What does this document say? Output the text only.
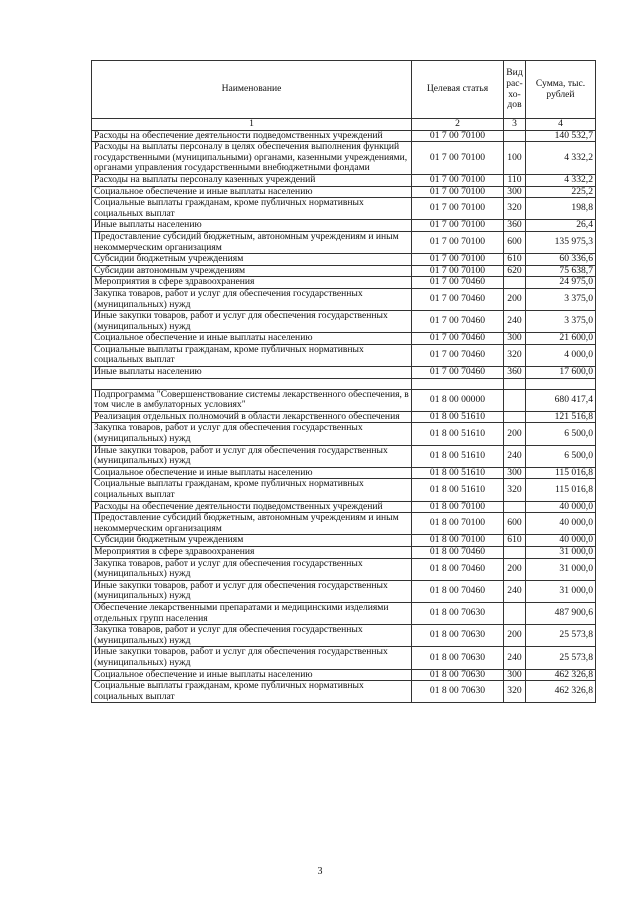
Наименование	Целевая статья	Вид рас- хо- дов	Сумма, тыс. рублей
1	2	3	4
Расходы на обеспечение деятельности подведомственных учреждений	01 7 00 70100		140 532,7
Расходы на выплаты персоналу в целях обеспечения выполнения функций государственными (муниципальными) органами, казенными учреждениями, органами управления государственными внебюджетными фондами	01 7 00 70100	100	4 332,2
Расходы на выплаты персоналу казенных учреждений	01 7 00 70100	110	4 332,2
Социальное обеспечение и иные выплаты населению	01 7 00 70100	300	225,2
Социальные выплаты гражданам, кроме публичных нормативных социальных выплат	01 7 00 70100	320	198,8
Иные выплаты населению	01 7 00 70100	360	26,4
Предоставление субсидий бюджетным, автономным учреждениям и иным некоммерческим организациям	01 7 00 70100	600	135 975,3
Субсидии бюджетным учреждениям	01 7 00 70100	610	60 336,6
Субсидии автономным учреждениям	01 7 00 70100	620	75 638,7
Мероприятия в сфере здравоохранения	01 7 00 70460		24 975,0
Закупка товаров, работ и услуг для обеспечения государственных (муниципальных) нужд	01 7 00 70460	200	3 375,0
Иные закупки товаров, работ и услуг для обеспечения государственных (муниципальных) нужд	01 7 00 70460	240	3 375,0
Социальное обеспечение и иные выплаты населению	01 7 00 70460	300	21 600,0
Социальные выплаты гражданам, кроме публичных нормативных социальных выплат	01 7 00 70460	320	4 000,0
Иные выплаты населению	01 7 00 70460	360	17 600,0

Подпрограмма "Совершенствование системы лекарственного обеспечения, в том числе в амбулаторных условиях"	01 8 00 00000		680 417,4
Реализация отдельных полномочий в области лекарственного обеспечения	01 8 00 51610		121 516,8
Закупка товаров, работ и услуг для обеспечения государственных (муниципальных) нужд	01 8 00 51610	200	6 500,0
Иные закупки товаров, работ и услуг для обеспечения государственных (муниципальных) нужд	01 8 00 51610	240	6 500,0
Социальное обеспечение и иные выплаты населению	01 8 00 51610	300	115 016,8
Социальные выплаты гражданам, кроме публичных нормативных социальных выплат	01 8 00 51610	320	115 016,8
Расходы на обеспечение деятельности подведомственных учреждений	01 8 00 70100		40 000,0
Предоставление субсидий бюджетным, автономным учреждениям и иным некоммерческим организациям	01 8 00 70100	600	40 000,0
Субсидии бюджетным учреждениям	01 8 00 70100	610	40 000,0
Мероприятия в сфере здравоохранения	01 8 00 70460		31 000,0
Закупка товаров, работ и услуг для обеспечения государственных (муниципальных) нужд	01 8 00 70460	200	31 000,0
Иные закупки товаров, работ и услуг для обеспечения государственных (муниципальных) нужд	01 8 00 70460	240	31 000,0
Обеспечение лекарственными препаратами и медицинскими изделиями отдельных групп населения	01 8 00 70630		487 900,6
Закупка товаров, работ и услуг для обеспечения государственных (муниципальных) нужд	01 8 00 70630	200	25 573,8
Иные закупки товаров, работ и услуг для обеспечения государственных (муниципальных) нужд	01 8 00 70630	240	25 573,8
Социальное обеспечение и иные выплаты населению	01 8 00 70630	300	462 326,8
Социальные выплаты гражданам, кроме публичных нормативных социальных выплат	01 8 00 70630	320	462 326,8
3
